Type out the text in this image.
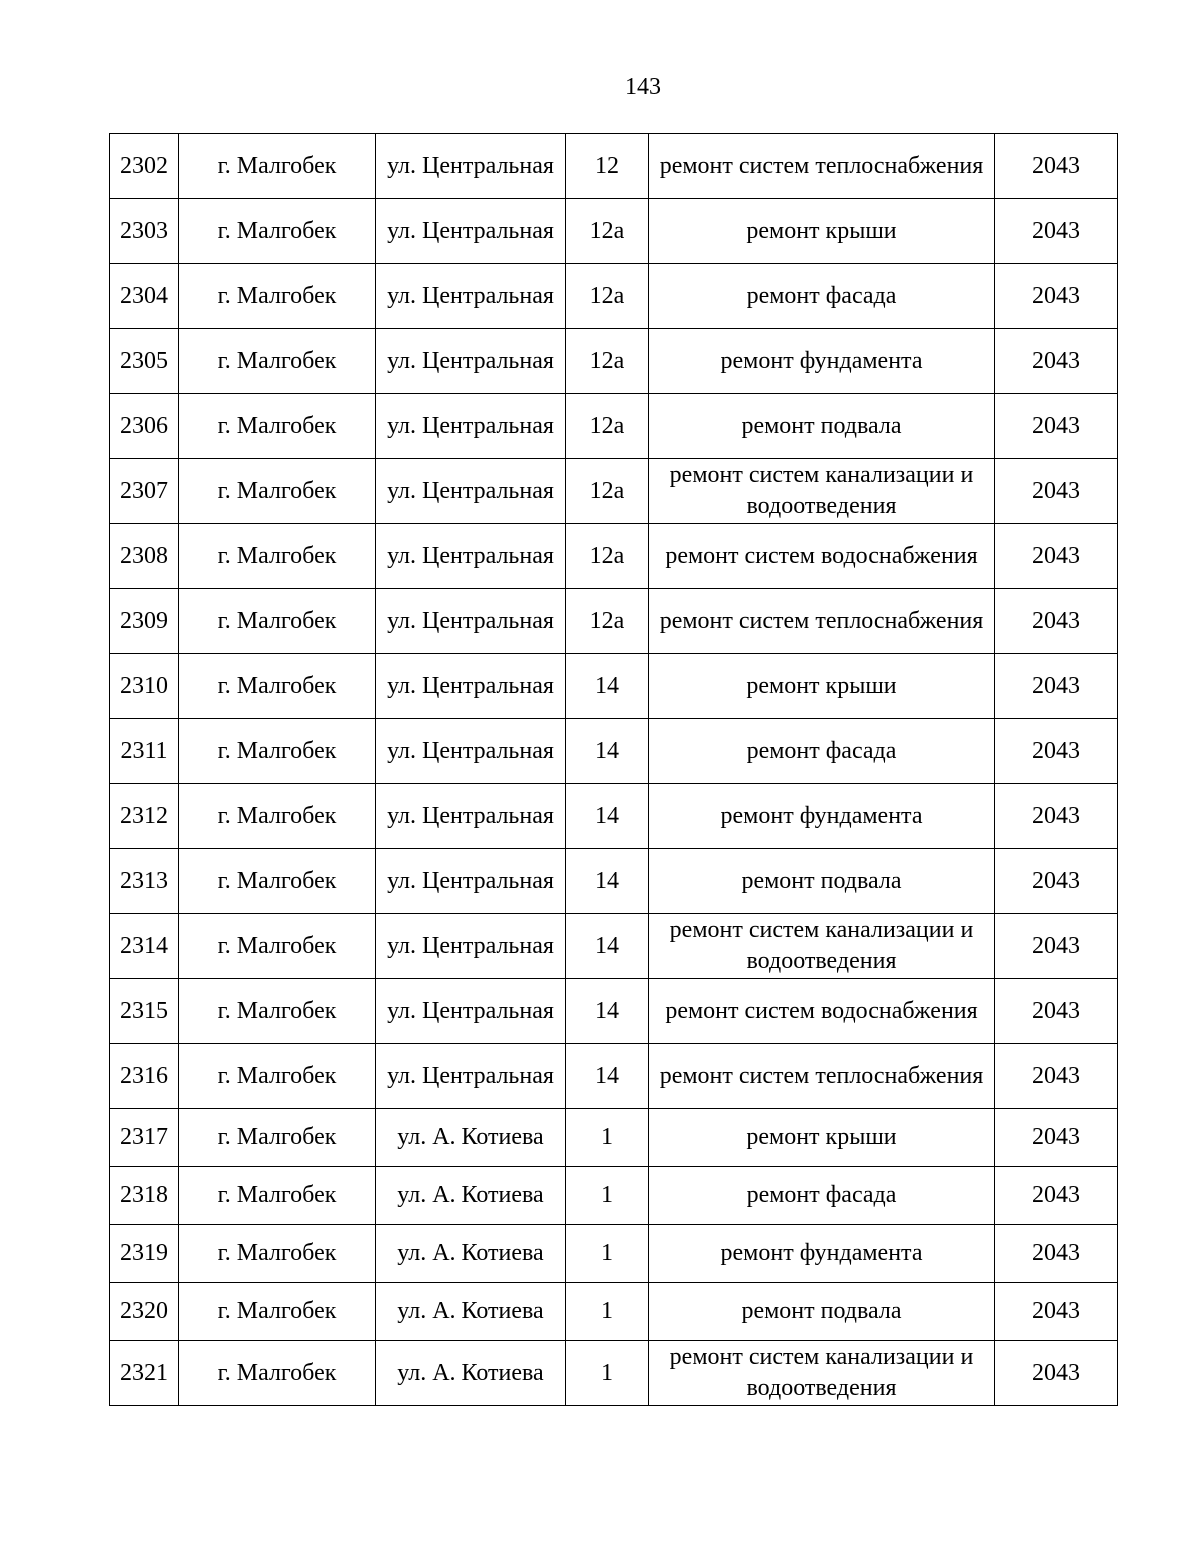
143
2302	г. Малгобек	ул. Центральная	12	ремонт систем теплоснабжения	2043
2303	г. Малгобек	ул. Центральная	12а	ремонт крыши	2043
2304	г. Малгобек	ул. Центральная	12а	ремонт фасада	2043
2305	г. Малгобек	ул. Центральная	12а	ремонт фундамента	2043
2306	г. Малгобек	ул. Центральная	12а	ремонт подвала	2043
2307	г. Малгобек	ул. Центральная	12а	ремонт систем канализации и водоотведения	2043
2308	г. Малгобек	ул. Центральная	12а	ремонт систем водоснабжения	2043
2309	г. Малгобек	ул. Центральная	12а	ремонт систем теплоснабжения	2043
2310	г. Малгобек	ул. Центральная	14	ремонт крыши	2043
2311	г. Малгобек	ул. Центральная	14	ремонт фасада	2043
2312	г. Малгобек	ул. Центральная	14	ремонт фундамента	2043
2313	г. Малгобек	ул. Центральная	14	ремонт подвала	2043
2314	г. Малгобек	ул. Центральная	14	ремонт систем канализации и водоотведения	2043
2315	г. Малгобек	ул. Центральная	14	ремонт систем водоснабжения	2043
2316	г. Малгобек	ул. Центральная	14	ремонт систем теплоснабжения	2043
2317	г. Малгобек	ул. А. Котиева	1	ремонт крыши	2043
2318	г. Малгобек	ул. А. Котиева	1	ремонт фасада	2043
2319	г. Малгобек	ул. А. Котиева	1	ремонт фундамента	2043
2320	г. Малгобек	ул. А. Котиева	1	ремонт подвала	2043
2321	г. Малгобек	ул. А. Котиева	1	ремонт систем канализации и водоотведения	2043
